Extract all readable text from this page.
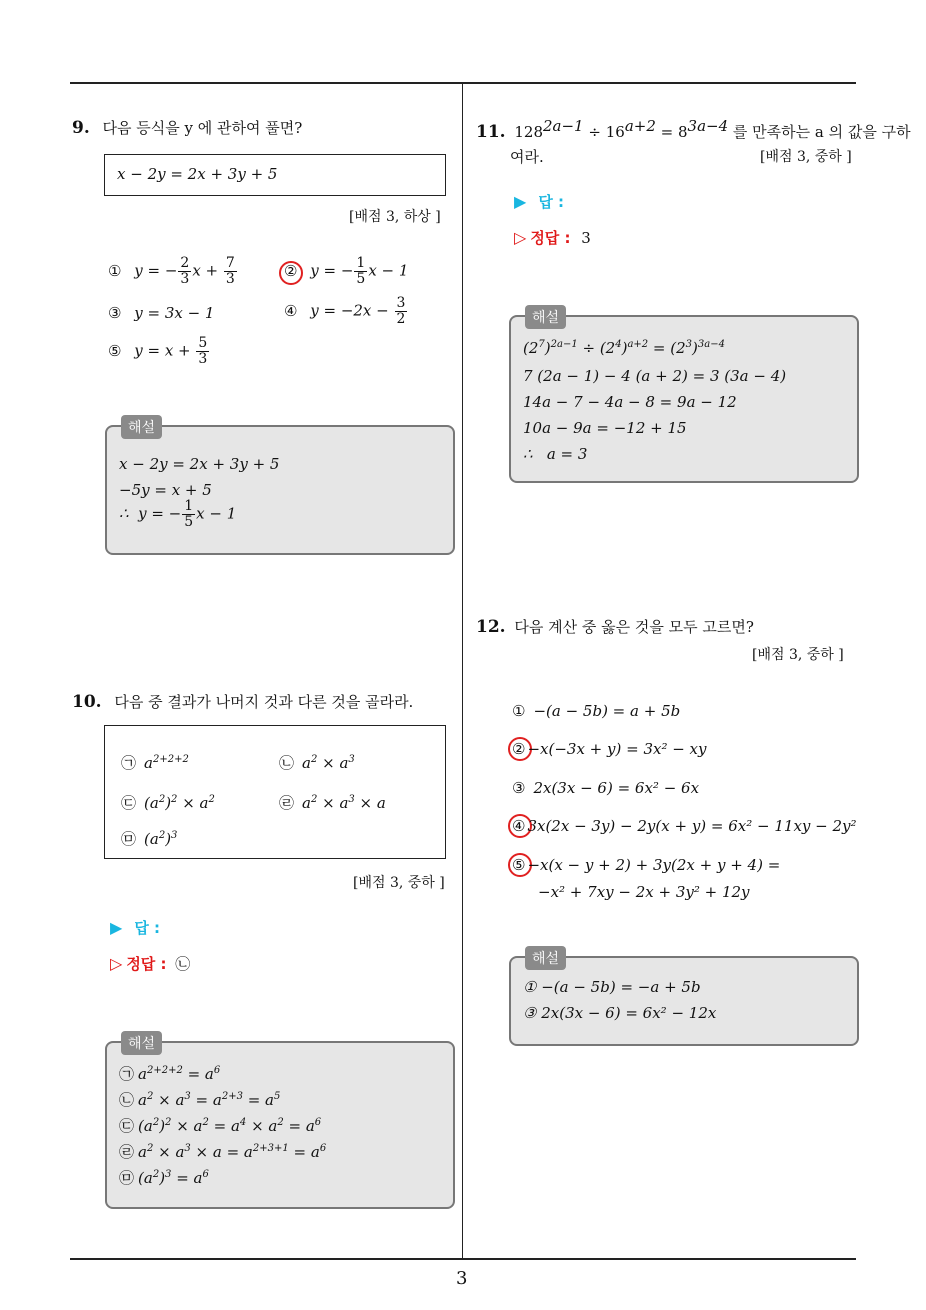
3
9. 다음 등식을 y 에 관하여 풀면?
x − 2y = 2x + 3y + 5
[배점 3, 하상 ]
① y = − $\frac{2}{3}$ $x + \frac{7}{3}$	② y = − $\frac{1}{5}$ x − 1
③ y = 3x − 1	④ $y = -2x - \frac{3}{2}$
⑤ $y = x + \frac{5}{3}$
해설
x − 2y = 2x + 3y + 5
−5y = x + 5
∴  y = − $\frac{1}{5}$ x − 1
10. 다음 중 결과가 나머지 것과 다른 것을 골라라.
㉠ $a^{2+2+2}$	㉡ $a^2 \times a^3$
㉢ $(a^2)^2 \times a^2$	㉣ $a^2 \times a^3 \times a$
㉤ $(a^2)^3$
[배점 3, 중하 ]
▶ 답 :
▷ 정답 : ㉡
해설
㉠ $a^{2+2+2} = a^6$
㉡ $a^2 \times a^3 = a^{2+3} = a^5$
㉢ $(a^2)^2 \times a^2 = a^4 \times a^2 = a^6$
㉣ $a^2 \times a^3 \times a = a^{2+3+1} = a^6$
㉤ $(a^2)^3 = a^6$
11. $128^{2a-1} \div 16^{a+2} = 8^{3a-4}$ 를 만족하는 a 의 값을 구하
여라.	[배점 3, 중하 ]
▶ 답 :
▷ 정답 : 3
해설
$(2^7)^{2a-1} \div (2^4)^{a+2} = (2^3)^{3a-4}$
7 (2a − 1) − 4 (a + 2) = 3 (3a − 4)
14a − 7 − 4a − 8 = 9a − 12
10a − 9a = −12 + 15
∴   a = 3
12. 다음 계산 중 옳은 것을 모두 고르면?
[배점 3, 중하 ]
① −(a − 5b) = a + 5b
② −x(−3x + y) = 3x² − xy
③ 2x(3x − 6) = 6x² − 6x
④ 3x(2x − 3y) − 2y(x + y) = 6x² − 11xy − 2y²
⑤ −x(x − y + 2) + 3y(2x + y + 4) =
−x² + 7xy − 2x + 3y² + 12y
해설
① −(a − 5b) = −a + 5b
③ 2x(3x − 6) = 6x² − 12x
